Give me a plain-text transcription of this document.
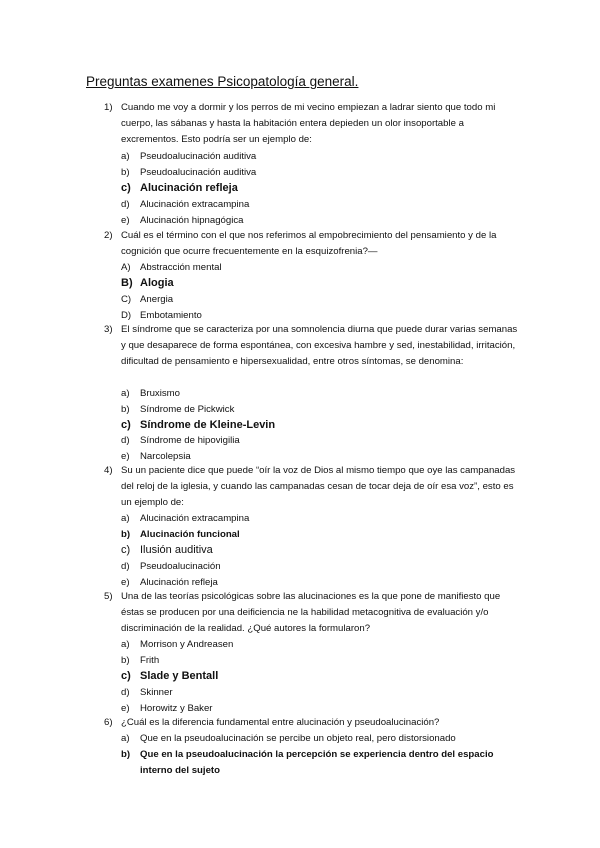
Preguntas examenes Psicopatología general.
1) Cuando me voy a dormir y los perros de mi vecino empiezan a ladrar siento que todo mi cuerpo, las sábanas y hasta la habitación entera depieden un olor insoportable a excrementos. Esto podría ser un ejemplo de:
a) Pseudoalucinación auditiva
b) Pseudoalucinación auditiva
c) Alucinación refleja
d) Alucinación extracampina
e) Alucinación hipnagógica
2) Cuál es el término con el que nos referimos al empobrecimiento del pensamiento y de la cognición que ocurre frecuentemente en la esquizofrenia?—
A) Abstracción mental
B) Alogia
C) Anergia
D) Embotamiento
3) El síndrome que se caracteriza por una somnolencia diurna que puede durar varias semanas y que desaparece de forma espontánea, con excesiva hambre y sed, inestabilidad, irritación, dificultad de pensamiento e hipersexualidad, entre otros síntomas, se denomina:
a) Bruxismo
b) Síndrome de Pickwick
c) Síndrome de Kleine-Levin
d) Síndrome de hipovigilia
e) Narcolepsia
4) Su un paciente dice que puede “oír la voz de Dios al mismo tiempo que oye las campanadas del reloj de la iglesia, y cuando las campanadas cesan de tocar deja de oír esa voz”, esto es un ejemplo de:
a) Alucinación extracampina
b) Alucinación funcional
c) Ilusión auditiva
d) Pseudoalucinación
e) Alucinación refleja
5) Una de las teorías psicológicas sobre las alucinaciones es la que pone de manifiesto que éstas se producen por una deificiencia ne la habilidad metacognitiva de evaluación y/o discriminación de la realidad. ¿Qué autores la formularon?
a) Morrison y Andreasen
b) Frith
c) Slade y Bentall
d) Skinner
e) Horowitz y Baker
6) ¿Cuál es la diferencia fundamental entre alucinación y pseudoalucinación?
a) Que en la pseudoalucinación se percibe un objeto real, pero distorsionado
b) Que en la pseudoalucinación la percepción se experiencia dentro del espacio interno del sujeto
